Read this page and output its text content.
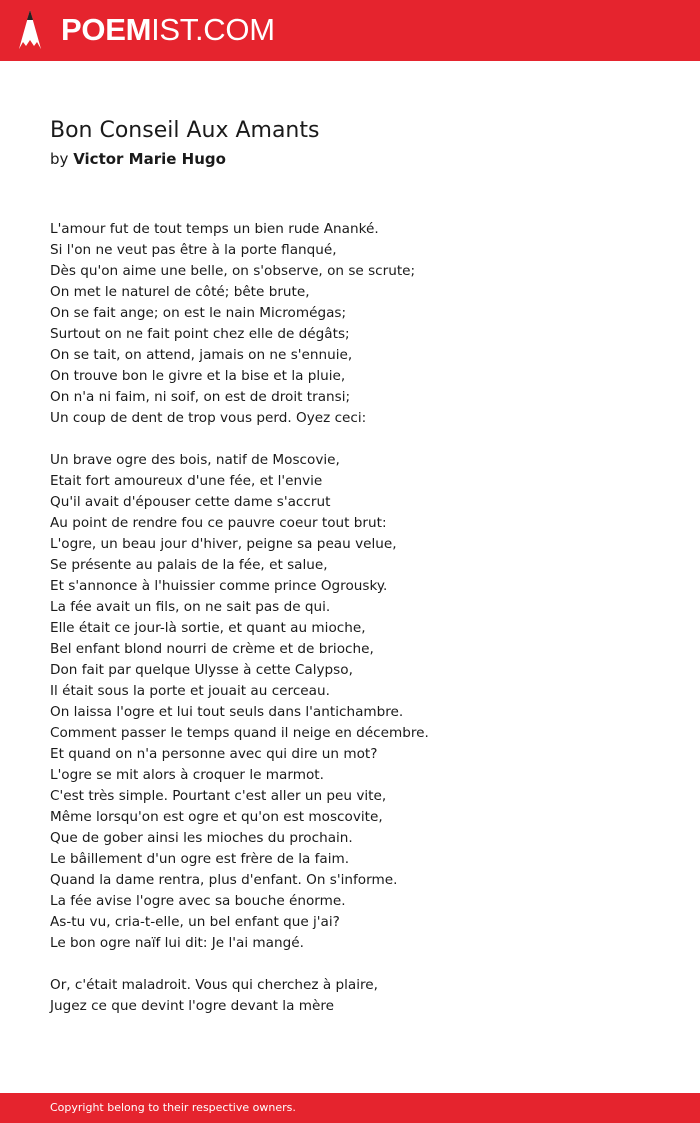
POEMIST.COM
Bon Conseil Aux Amants
by Victor Marie Hugo
L'amour fut de tout temps un bien rude Ananké.
Si l'on ne veut pas être à la porte flanqué,
Dès qu'on aime une belle, on s'observe, on se scrute;
On met le naturel de côté; bête brute,
On se fait ange; on est le nain Micromégas;
Surtout on ne fait point chez elle de dégâts;
On se tait, on attend, jamais on ne s'ennuie,
On trouve bon le givre et la bise et la pluie,
On n'a ni faim, ni soif, on est de droit transi;
Un coup de dent de trop vous perd. Oyez ceci:
Un brave ogre des bois, natif de Moscovie,
Etait fort amoureux d'une fée, et l'envie
Qu'il avait d'épouser cette dame s'accrut
Au point de rendre fou ce pauvre coeur tout brut:
L'ogre, un beau jour d'hiver, peigne sa peau velue,
Se présente au palais de la fée, et salue,
Et s'annonce à l'huissier comme prince Ogrousky.
La fée avait un fils, on ne sait pas de qui.
Elle était ce jour-là sortie, et quant au mioche,
Bel enfant blond nourri de crème et de brioche,
Don fait par quelque Ulysse à cette Calypso,
Il était sous la porte et jouait au cerceau.
On laissa l'ogre et lui tout seuls dans l'antichambre.
Comment passer le temps quand il neige en décembre.
Et quand on n'a personne avec qui dire un mot?
L'ogre se mit alors à croquer le marmot.
C'est très simple. Pourtant c'est aller un peu vite,
Même lorsqu'on est ogre et qu'on est moscovite,
Que de gober ainsi les mioches du prochain.
Le bâillement d'un ogre est frère de la faim.
Quand la dame rentra, plus d'enfant. On s'informe.
La fée avise l'ogre avec sa bouche énorme.
As-tu vu, cria-t-elle, un bel enfant que j'ai?
Le bon ogre naïf lui dit: Je l'ai mangé.
Or, c'était maladroit. Vous qui cherchez à plaire,
Jugez ce que devint l'ogre devant la mère
Copyright belong to their respective owners.
